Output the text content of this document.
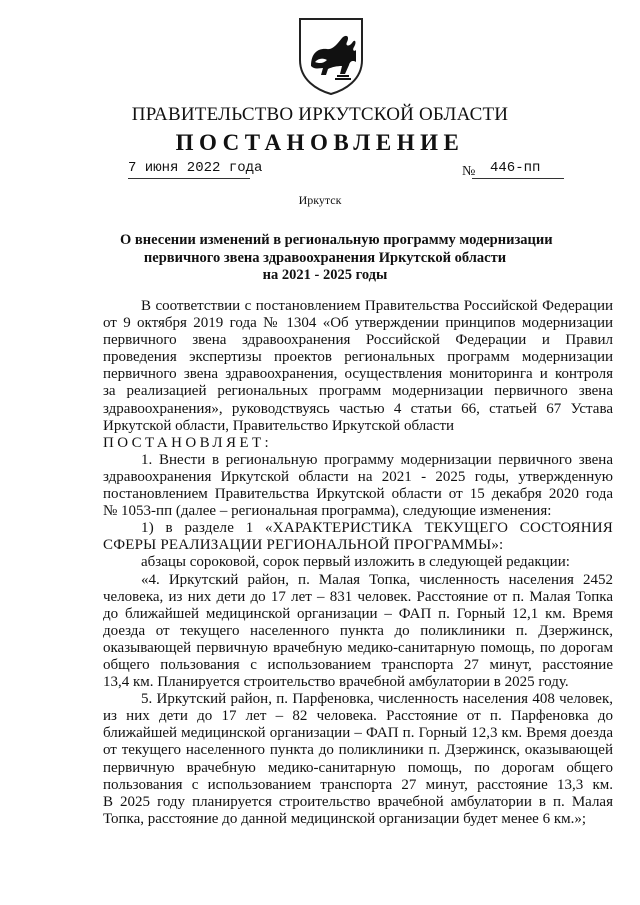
ПРАВИТЕЛЬСТВО ИРКУТСКОЙ ОБЛАСТИ
ПОСТАНОВЛЕНИЕ
7 июня 2022 года	№ 446-пп
Иркутск
О внесении изменений в региональную программу модернизации
первичного звена здравоохранения Иркутской области
на 2021 - 2025 годы
В соответствии с постановлением Правительства Российской Федерации
от 9 октября 2019 года № 1304 «Об утверждении принципов модернизации
первичного звена здравоохранения Российской Федерации и Правил
проведения экспертизы проектов региональных программ модернизации
первичного звена здравоохранения, осуществления мониторинга и контроля
за реализацией региональных программ модернизации первичного звена
здравоохранения», руководствуясь частью 4 статьи 66, статьей 67 Устава
Иркутской области, Правительство Иркутской области
ПОСТАНОВЛЯЕТ:
1. Внести в региональную программу модернизации первичного звена
здравоохранения Иркутской области на 2021 - 2025 годы, утвержденную
постановлением Правительства Иркутской области от 15 декабря 2020 года
№ 1053-пп (далее – региональная программа), следующие изменения:
1) в разделе 1 «ХАРАКТЕРИСТИКА ТЕКУЩЕГО СОСТОЯНИЯ
СФЕРЫ РЕАЛИЗАЦИИ РЕГИОНАЛЬНОЙ ПРОГРАММЫ»:
абзацы сороковой, сорок первый изложить в следующей редакции:
«4. Иркутский район, п. Малая Топка, численность населения 2452
человека, из них дети до 17 лет – 831 человек. Расстояние от п. Малая Топка
до ближайшей медицинской организации – ФАП п. Горный 12,1 км. Время
доезда от текущего населенного пункта до поликлиники п. Дзержинск,
оказывающей первичную врачебную медико-санитарную помощь, по дорогам
общего пользования с использованием транспорта 27 минут, расстояние
13,4 км. Планируется строительство врачебной амбулатории в 2025 году.
5. Иркутский район, п. Парфеновка, численность населения 408 человек,
из них дети до 17 лет – 82 человека. Расстояние от п. Парфеновка до
ближайшей медицинской организации – ФАП п. Горный 12,3 км. Время доезда
от текущего населенного пункта до поликлиники п. Дзержинск, оказывающей
первичную врачебную медико-санитарную помощь, по дорогам общего
пользования с использованием транспорта 27 минут, расстояние 13,3 км.
В 2025 году планируется строительство врачебной амбулатории в п. Малая
Топка, расстояние до данной медицинской организации будет менее 6 км.»;
